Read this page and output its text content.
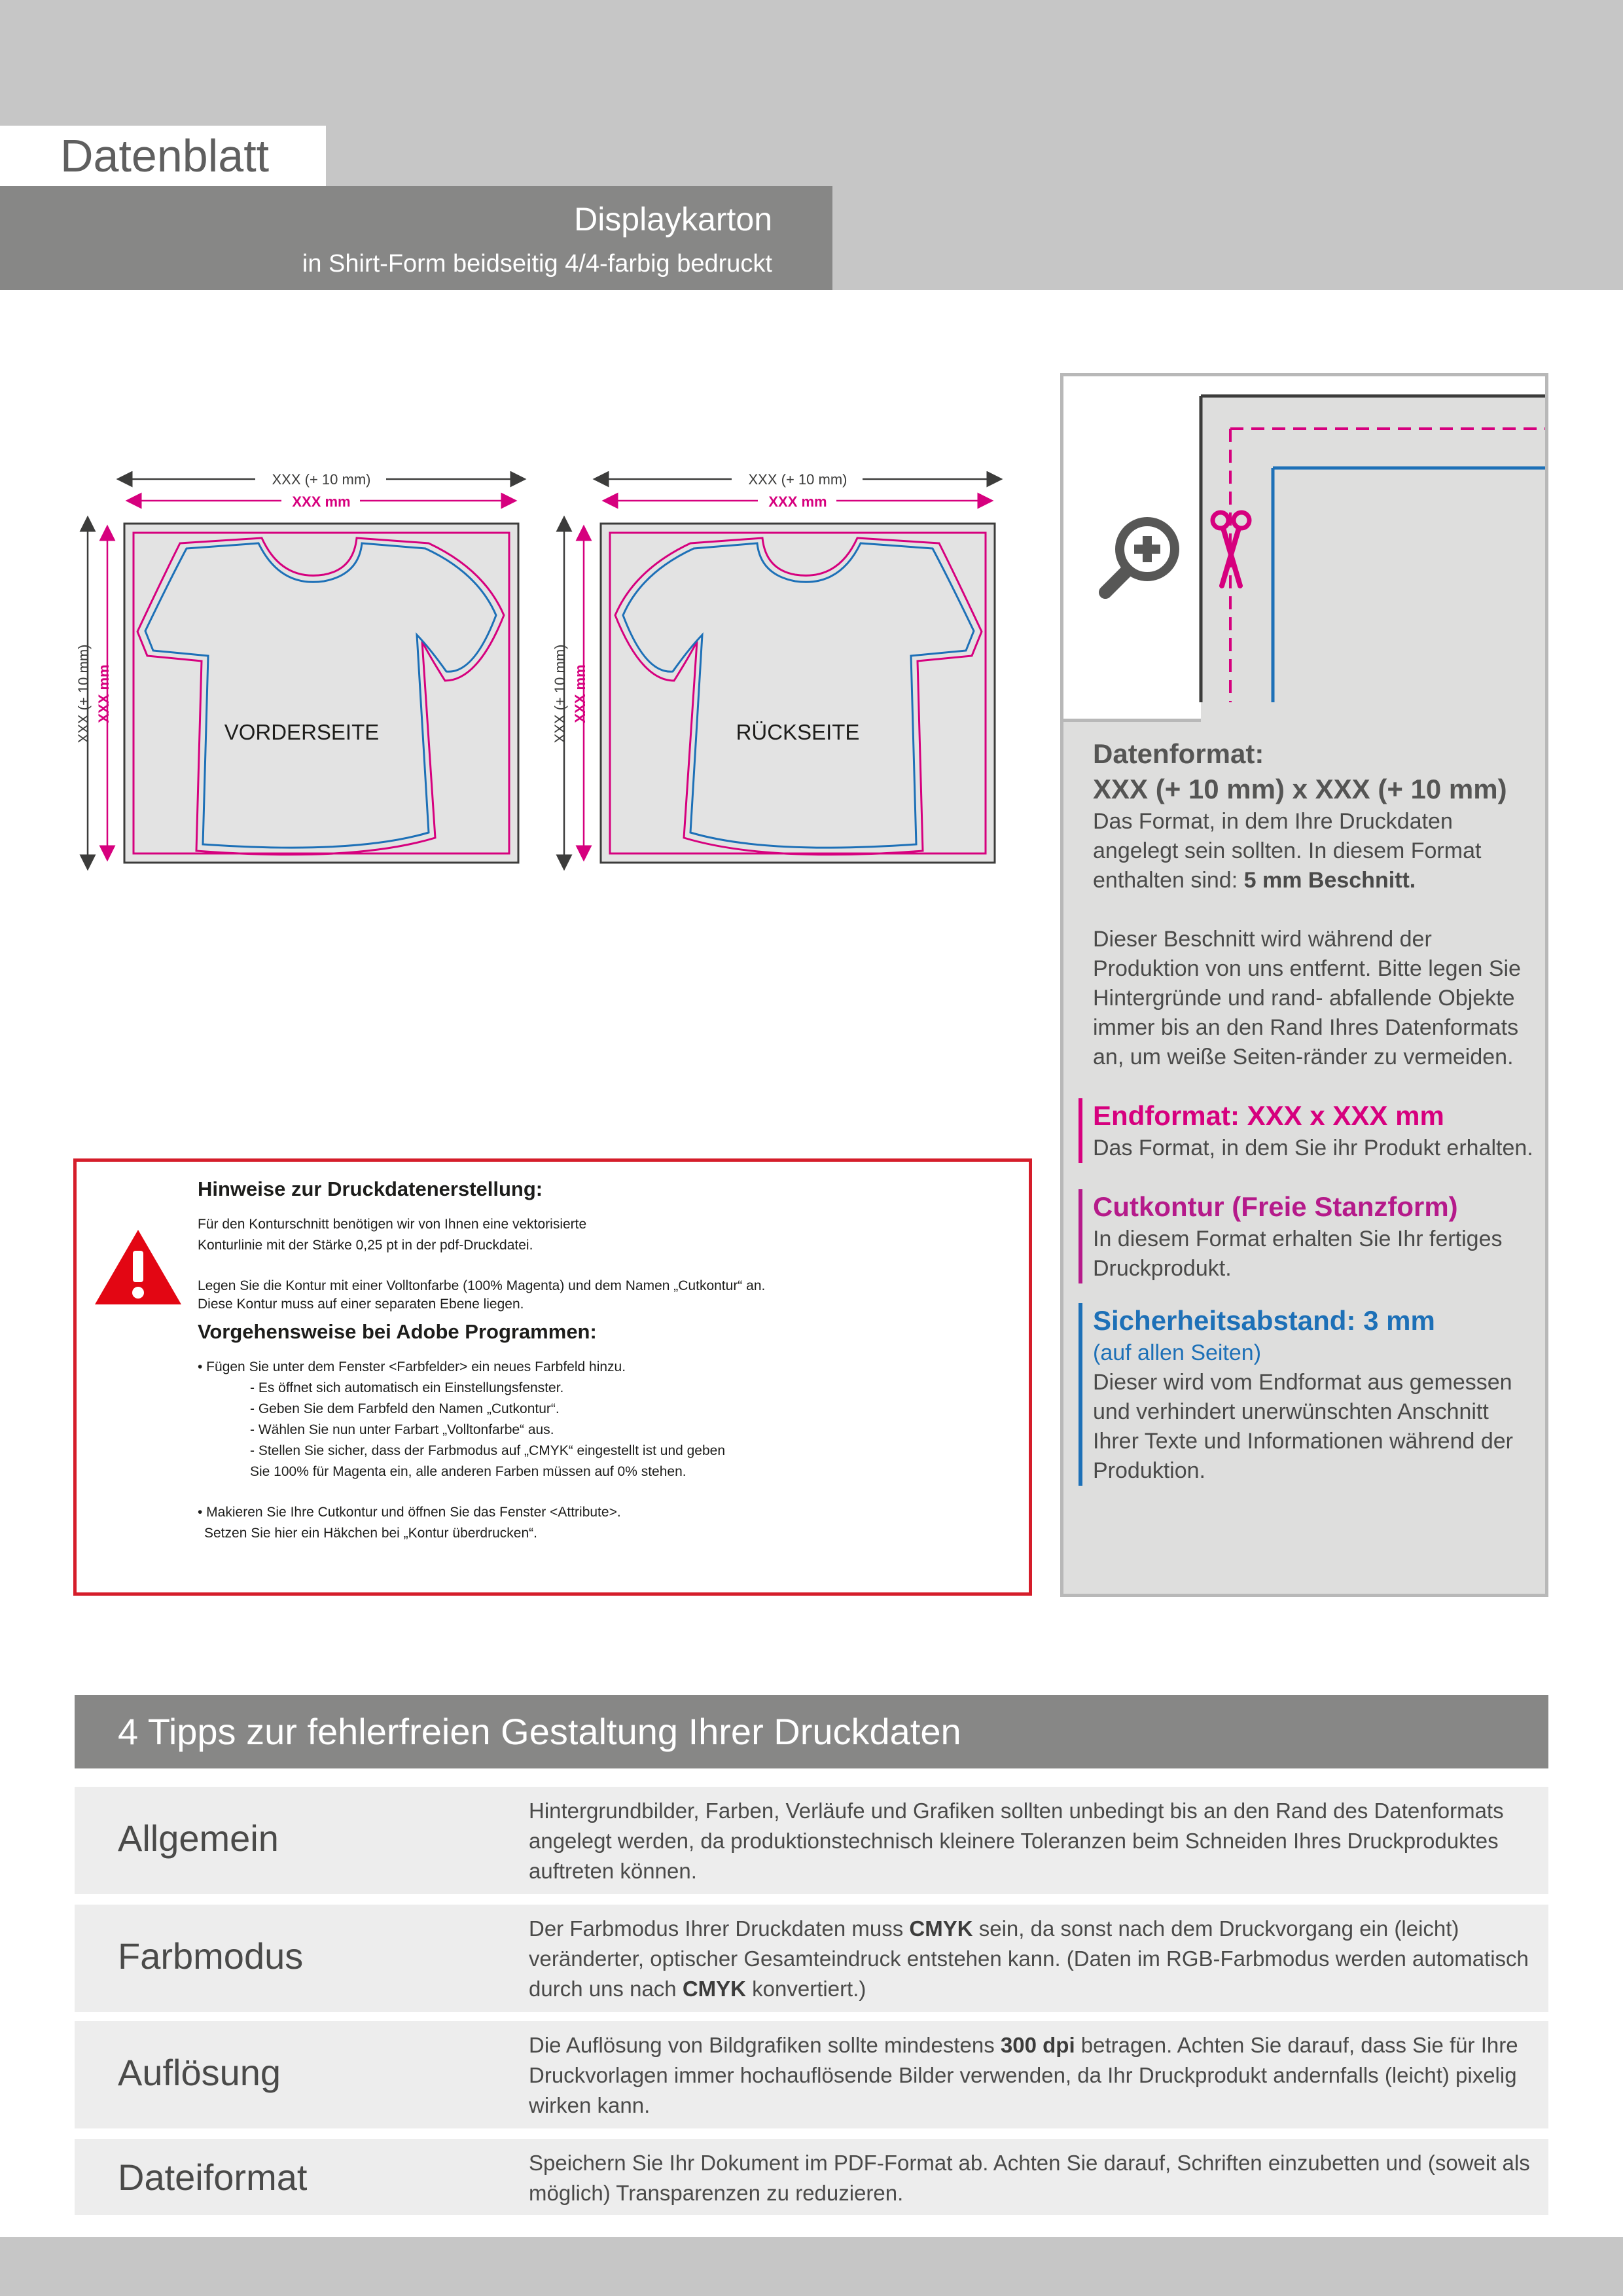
Datenblatt
Displaykarton
in Shirt-Form beidseitig 4/4-farbig bedruckt
XXX (+ 10 mm)
XXX mm
XXX (+ 10 mm) XXX mm
VORDERSEITE
XXX (+ 10 mm)
XXX mm
XXX (+ 10 mm) XXX mm
RÜCKSEITE
Hinweise zur Druckdatenerstellung:
Für den Konturschnitt benötigen wir von Ihnen eine vektorisierte
Konturlinie mit der Stärke 0,25 pt in der pdf-Druckdatei.
Legen Sie die Kontur mit einer Volltonfarbe (100% Magenta) und dem Namen „Cutkontur“ an.
Diese Kontur muss auf einer separaten Ebene liegen.
Vorgehensweise bei Adobe Programmen:
• Fügen Sie unter dem Fenster <Farbfelder> ein neues Farbfeld hinzu.
- Es öffnet sich automatisch ein Einstellungsfenster.
- Geben Sie dem Farbfeld den Namen „Cutkontur“.
- Wählen Sie nun unter Farbart „Volltonfarbe“ aus.
- Stellen Sie sicher, dass der Farbmodus auf „CMYK“ eingestellt ist und geben
Sie 100% für Magenta ein, alle anderen Farben müssen auf 0% stehen.
• Makieren Sie Ihre Cutkontur und öffnen Sie das Fenster <Attribute>.
Setzen Sie hier ein Häkchen bei „Kontur überdrucken“.
Datenformat:
XXX (+ 10 mm) x XXX (+ 10 mm)
Das Format, in dem Ihre Druckdaten angelegt sein sollten. In diesem Format enthalten sind: 5 mm Beschnitt.
Dieser Beschnitt wird während der Produktion von uns entfernt. Bitte legen Sie Hintergründe und rand- abfallende Objekte immer bis an den Rand Ihres Datenformats an, um weiße Seiten-ränder zu vermeiden.
Endformat: XXX x XXX mm
Das Format, in dem Sie ihr Produkt erhalten.
Cutkontur (Freie Stanzform)
In diesem Format erhalten Sie Ihr fertiges Druckprodukt.
Sicherheitsabstand: 3 mm
(auf allen Seiten)
Dieser wird vom Endformat aus gemessen und verhindert unerwünschten Anschnitt Ihrer Texte und Informationen während der Produktion.
4 Tipps zur fehlerfreien Gestaltung Ihrer Druckdaten
Allgemein
Hintergrundbilder, Farben, Verläufe und Grafiken sollten unbedingt bis an den Rand des Datenformats angelegt werden, da produktionstechnisch kleinere Toleranzen beim Schneiden Ihres Druckproduktes auftreten können.
Farbmodus
Der Farbmodus Ihrer Druckdaten muss CMYK sein, da sonst nach dem Druckvorgang ein (leicht) veränderter, optischer Gesamteindruck entstehen kann. (Daten im RGB-Farbmodus werden automatisch durch uns nach CMYK konvertiert.)
Auflösung
Die Auflösung von Bildgrafiken sollte mindestens 300 dpi betragen. Achten Sie darauf, dass Sie für Ihre Druckvorlagen immer hochauflösende Bilder verwenden, da Ihr Druckprodukt andernfalls (leicht) pixelig wirken kann.
Dateiformat	Speichern Sie Ihr Dokument im PDF-Format ab. Achten Sie darauf, Schriften einzubetten und (soweit als möglich) Transparenzen zu reduzieren.
